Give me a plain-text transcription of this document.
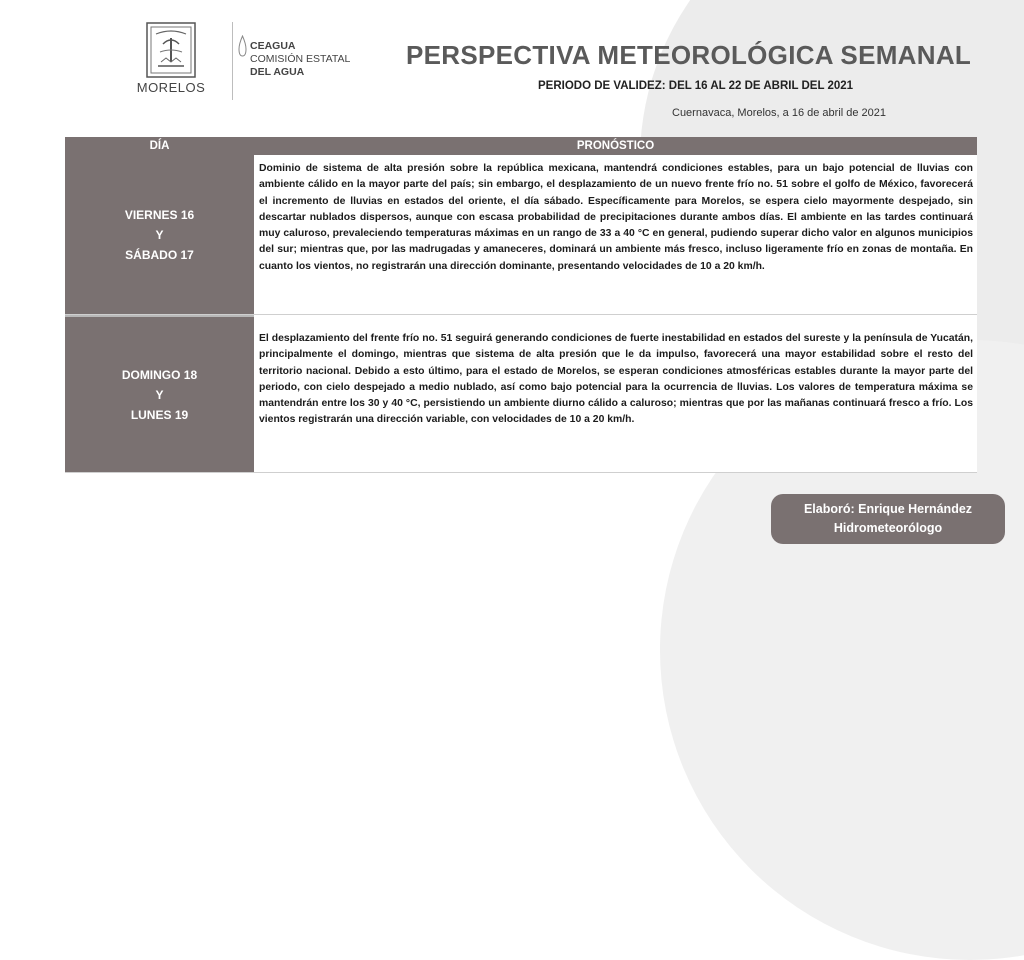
MORELOS
CEAGUA
COMISIÓN ESTATAL
DEL AGUA
PERSPECTIVA METEOROLÓGICA SEMANAL
PERIODO DE VALIDEZ: DEL 16 AL 22 DE ABRIL DEL 2021
Cuernavaca, Morelos, a 16 de abril de 2021
DÍA	PRONÓSTICO
VIERNES 16
Y
SÁBADO 17
Dominio de sistema de alta presión sobre la república mexicana, mantendrá condiciones estables, para un bajo potencial de lluvias con ambiente cálido en la mayor parte del país; sin embargo, el desplazamiento de un nuevo frente frío no. 51 sobre el golfo de México, favorecerá el incremento de lluvias en estados del oriente, el día sábado. Específicamente para Morelos, se espera cielo mayormente despejado, sin descartar nublados dispersos, aunque con escasa probabilidad de precipitaciones durante ambos días. El ambiente en las tardes continuará muy caluroso, prevaleciendo temperaturas máximas en un rango de 33 a 40 °C en general, pudiendo superar dicho valor en algunos municipios del sur; mientras que, por las madrugadas y amaneceres, dominará un ambiente más fresco, incluso ligeramente frío en zonas de montaña. En cuanto los vientos, no registrarán una dirección dominante, presentando velocidades de 10 a 20 km/h.
DOMINGO 18
Y
LUNES 19
El desplazamiento del frente frío no. 51 seguirá generando condiciones de fuerte inestabilidad en estados del sureste y la península de Yucatán, principalmente el domingo, mientras que sistema de alta presión que le da impulso, favorecerá una mayor estabilidad sobre el resto del territorio nacional. Debido a esto último, para el estado de Morelos, se esperan condiciones atmosféricas estables durante la mayor parte del periodo, con cielo despejado a medio nublado, así como bajo potencial para la ocurrencia de lluvias. Los valores de temperatura máxima se mantendrán entre los 30 y 40 °C, persistiendo un ambiente diurno cálido a caluroso; mientras que por las mañanas continuará fresco a frío. Los vientos registrarán una dirección variable, con velocidades de 10 a 20 km/h.
Elaboró: Enrique Hernández
Hidrometeorólogo
